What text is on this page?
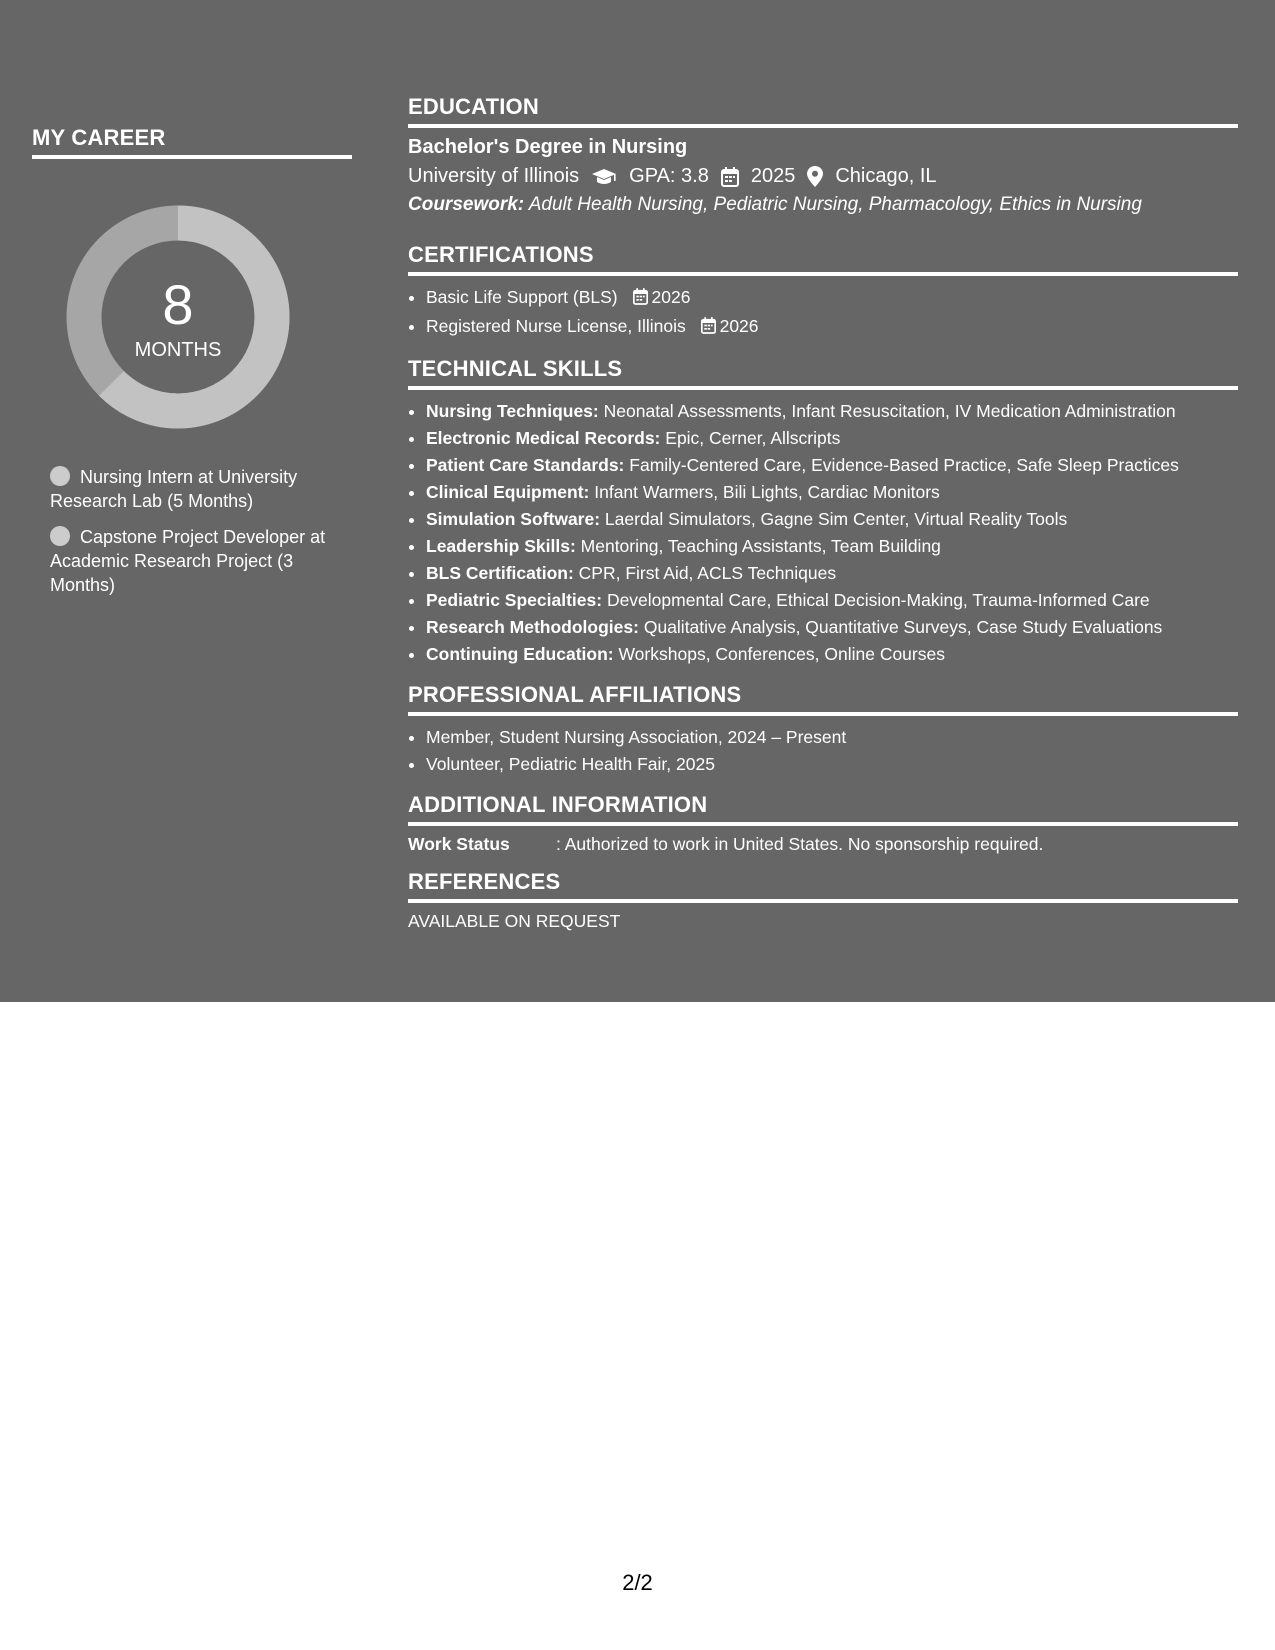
MY CAREER
8
MONTHS
Nursing Intern at University Research Lab (5 Months)
Capstone Project Developer at Academic Research Project (3 Months)
EDUCATION
Bachelor's Degree in Nursing
University of Illinois	GPA: 3.8 2025 Chicago, IL
Coursework: Adult Health Nursing, Pediatric Nursing, Pharmacology, Ethics in Nursing
CERTIFICATIONS
• Basic Life Support (BLS) 2026
• Registered Nurse License, Illinois 2026
TECHNICAL SKILLS
• Nursing Techniques: Neonatal Assessments, Infant Resuscitation, IV Medication Administration
• Electronic Medical Records: Epic, Cerner, Allscripts
• Patient Care Standards: Family-Centered Care, Evidence-Based Practice, Safe Sleep Practices
• Clinical Equipment: Infant Warmers, Bili Lights, Cardiac Monitors
• Simulation Software: Laerdal Simulators, Gagne Sim Center, Virtual Reality Tools
• Leadership Skills: Mentoring, Teaching Assistants, Team Building
• BLS Certification: CPR, First Aid, ACLS Techniques
• Pediatric Specialties: Developmental Care, Ethical Decision-Making, Trauma-Informed Care
• Research Methodologies: Qualitative Analysis, Quantitative Surveys, Case Study Evaluations
• Continuing Education: Workshops, Conferences, Online Courses
PROFESSIONAL AFFILIATIONS
• Member, Student Nursing Association, 2024 – Present
• Volunteer, Pediatric Health Fair, 2025
ADDITIONAL INFORMATION
Work Status	: Authorized to work in United States. No sponsorship required.
REFERENCES
AVAILABLE ON REQUEST
2/2
